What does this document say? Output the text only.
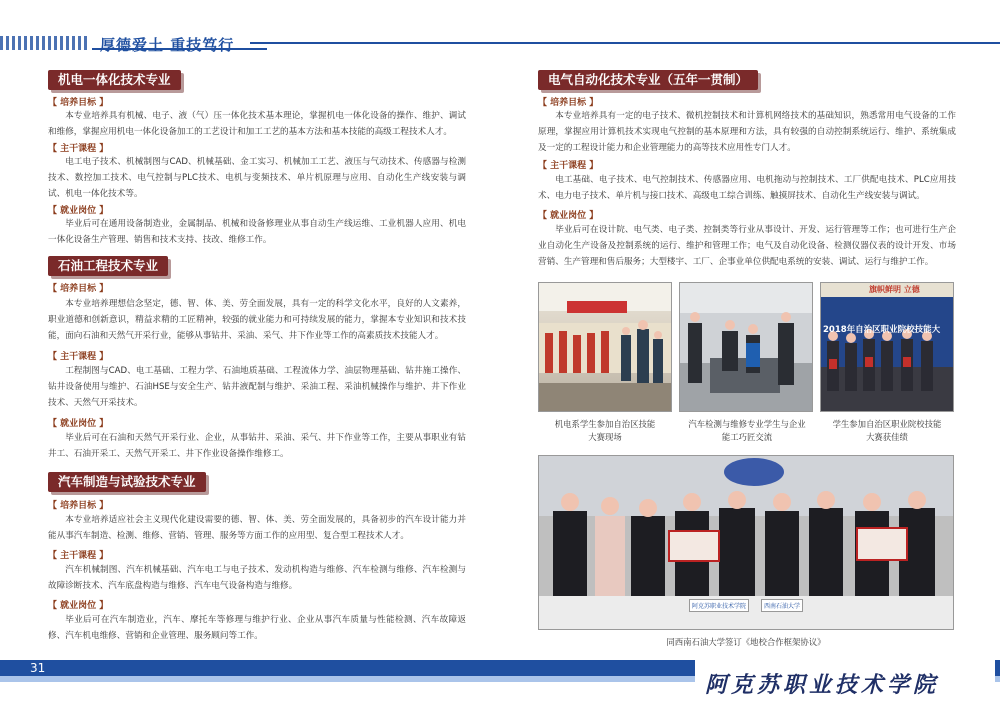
厚德爱土 重技笃行
机电一体化技术专业
【 培养目标 】
本专业培养具有机械、电子、液（气）压一体化技术基本理论，掌握机电一体化设备的操作、维护、调试和维修，掌握应用机电一体化设备加工的工艺设计和加工工艺的基本方法和基本技能的高级工程技术人才。
【 主干课程 】
电工电子技术、机械制图与CAD、机械基础、金工实习、机械加工工艺、液压与气动技术、传感器与检测技术、数控加工技术、电气控制与PLC技术、电机与变频技术、单片机原理与应用、自动化生产线安装与调试、机电一体化技术等。
【 就业岗位 】
毕业后可在通用设备制造业，金属制品、机械和设备修理业从事自动生产线运维、工业机器人应用、机电一体化设备生产管理、销售和技术支持、技改、维修工作。
石油工程技术专业
【 培养目标 】
本专业培养理想信念坚定，德、智、体、美、劳全面发展，具有一定的科学文化水平，良好的人文素养，职业道德和创新意识，精益求精的工匠精神，较强的就业能力和可持续发展的能力，掌握本专业知识和技术技能，面向石油和天然气开采行业，能够从事钻井、采油、采气、井下作业等工作的高素质技术技能人才。
【 主干课程 】
工程制图与CAD、电工基础、工程力学、石油地质基础、工程流体力学、油层物理基础、钻井施工操作、钻井设备使用与维护、石油HSE与安全生产、钻井液配制与维护、采油工程、采油机械操作与维护、井下作业技术、天然气开采技术。
【 就业岗位 】
毕业后可在石油和天然气开采行业、企业，从事钻井、采油、采气、井下作业等工作，主要从事职业有钻井工、石油开采工、天然气开采工、井下作业设备操作维修工。
汽车制造与试验技术专业
【 培养目标 】
本专业培养适应社会主义现代化建设需要的德、智、体、美、劳全面发展的，具备初步的汽车设计能力并能从事汽车制造、检测、维修、营销、管理、服务等方面工作的应用型、复合型工程技术人才。
【 主干课程 】
汽车机械制图、汽车机械基础、汽车电工与电子技术、发动机构造与维修、汽车检测与维修、汽车检测与故障诊断技术、汽车底盘构造与维修、汽车电气设备构造与维修。
【 就业岗位 】
毕业后可在汽车制造业，汽车、摩托车等修理与维护行业、企业从事汽车质量与性能检测、汽车故障返修、汽车机电维修、营销和企业管理、服务顾问等工作。
电气自动化技术专业（五年一贯制）
【 培养目标 】
本专业培养具有一定的电子技术、微机控制技术和计算机网络技术的基础知识，熟悉常用电气设备的工作原理，掌握应用计算机技术实现电气控制的基本原理和方法，具有较强的自动控制系统运行、维护、系统集成及一定的工程设计能力和企业管理能力的高等技术应用性专门人才。
【 主干课程 】
电工基础、电子技术、电气控制技术、传感器应用、电机拖动与控制技术、工厂供配电技术、PLC应用技术、电力电子技术、单片机与接口技术、高级电工综合训练、触摸屏技术、自动化生产线安装与调试。
【 就业岗位 】
毕业后可在设计院、电气类、电子类、控制类等行业从事设计、开发、运行管理等工作；也可进行生产企业自动化生产设备及控制系统的运行、维护和管理工作；电气及自动化设备、检测仪器仪表的设计开发、市场营销、生产管理和售后服务；大型楼宇、工厂、企事业单位供配电系统的安装、调试、运行与维护工作。
机电系学生参加自治区技能大赛现场
汽车检测与维修专业学生与企业能工巧匠交流
旗帜鲜明 立德
2018年自治区职业院校技能大
学生参加自治区职业院校技能大赛获佳绩
阿克苏职业技术学院	西南石油大学
同西南石油大学签订《地校合作框架协议》
31
阿克苏职业技术学院
